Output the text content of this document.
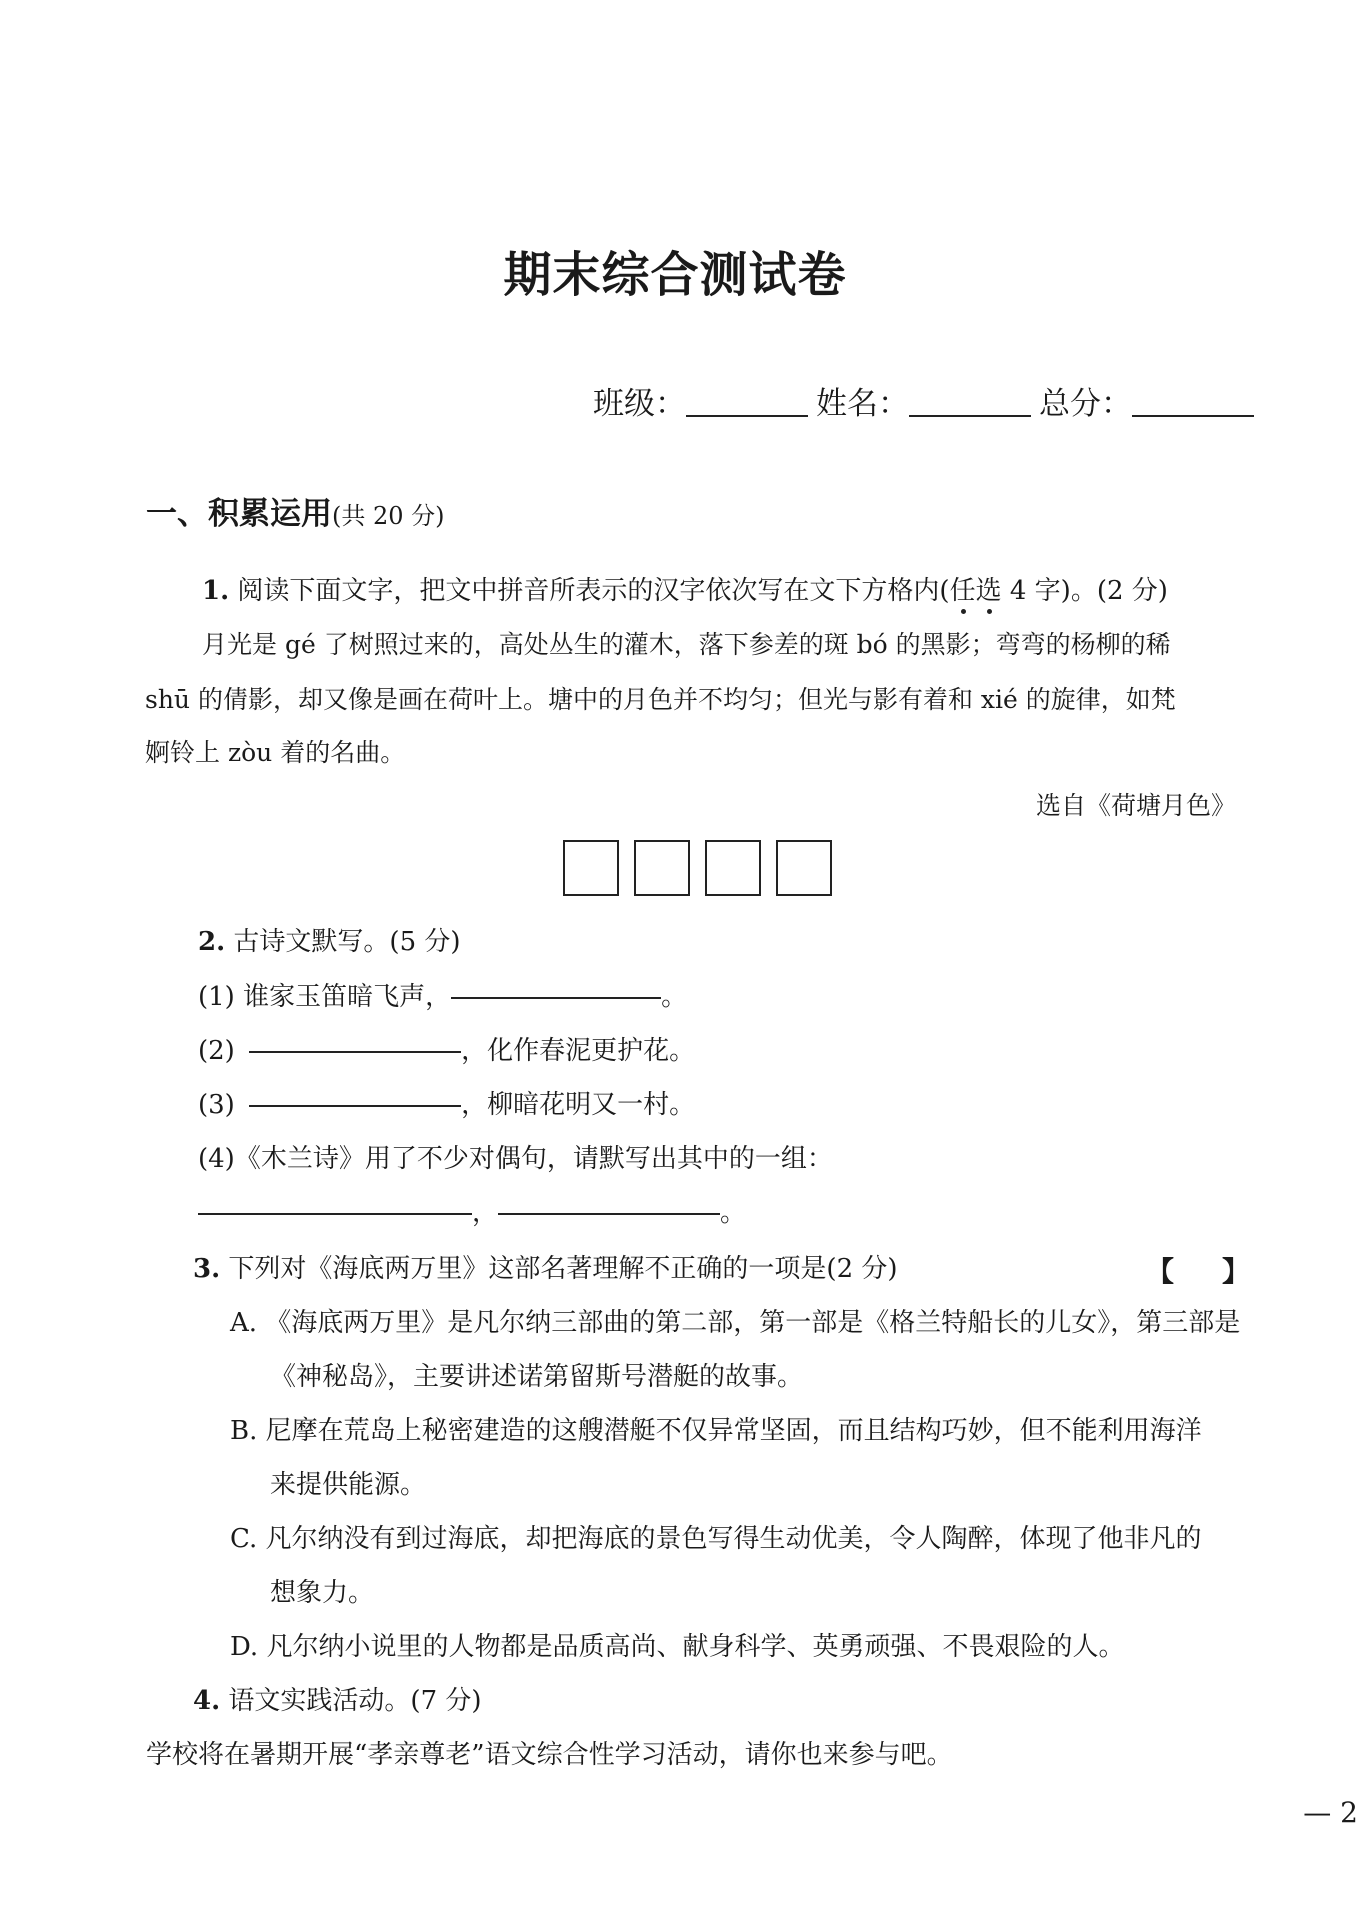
期末综合测试卷
班级：	姓名：	总分：
一、积累运用(共 20 分)
1. 阅读下面文字，把文中拼音所表示的汉字依次写在文下方格内(任选 4 字)。(2 分)
月光是 gé 了树照过来的，高处丛生的灌木，落下参差的斑 bó 的黑影；弯弯的杨柳的稀
shū 的倩影，却又像是画在荷叶上。塘中的月色并不均匀；但光与影有着和 xié 的旋律，如梵
婀铃上 zòu 着的名曲。
选自《荷塘月色》
2. 古诗文默写。(5 分)
(1) 谁家玉笛暗飞声，	。
(2)	，化作春泥更护花。
(3)	，柳暗花明又一村。
(4)《木兰诗》用了不少对偶句，请默写出其中的一组：
，	。
3. 下列对《海底两万里》这部名著理解不正确的一项是(2 分)	【 】
A. 《海底两万里》是凡尔纳三部曲的第二部，第一部是《格兰特船长的儿女》，第三部是
《神秘岛》，主要讲述诺第留斯号潜艇的故事。
B. 尼摩在荒岛上秘密建造的这艘潜艇不仅异常坚固，而且结构巧妙，但不能利用海洋
来提供能源。
C. 凡尔纳没有到过海底，却把海底的景色写得生动优美，令人陶醉，体现了他非凡的
想象力。
D. 凡尔纳小说里的人物都是品质高尚、献身科学、英勇顽强、不畏艰险的人。
4. 语文实践活动。(7 分)
学校将在暑期开展“孝亲尊老”语文综合性学习活动，请你也来参与吧。
— 2
